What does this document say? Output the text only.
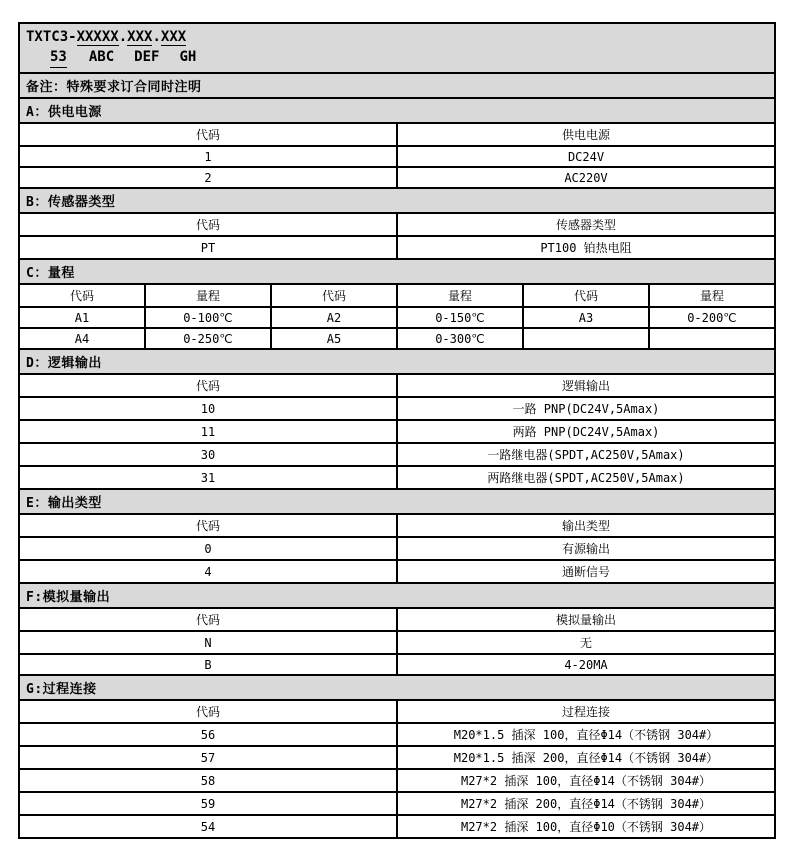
TXTC3-XXXXX.XXX.XXX
53 ABC DEF GH
备注：特殊要求订合同时注明
A：供电电源
代码	供电电源
1	DC24V
2	AC220V
B：传感器类型
代码	传感器类型
PT	PT100 铂热电阻
C：量程
代码	量程	代码	量程	代码	量程
A1	0-100℃	A2	0-150℃	A3	0-200℃
A4	0-250℃	A5	0-300℃
D：逻辑输出
代码	逻辑输出
10	一路 PNP(DC24V,5Amax)
11	两路 PNP(DC24V,5Amax)
30	一路继电器(SPDT,AC250V,5Amax)
31	两路继电器(SPDT,AC250V,5Amax)
E：输出类型
代码	输出类型
0	有源输出
4	通断信号
F:模拟量输出
代码	模拟量输出
N	无
B	4-20MA
G:过程连接
代码	过程连接
56	M20*1.5 插深 100，直径Φ14（不锈钢 304#）
57	M20*1.5 插深 200，直径Φ14（不锈钢 304#）
58	M27*2 插深 100，直径Φ14（不锈钢 304#）
59	M27*2 插深 200，直径Φ14（不锈钢 304#）
54	M27*2 插深 100，直径Φ10（不锈钢 304#）
